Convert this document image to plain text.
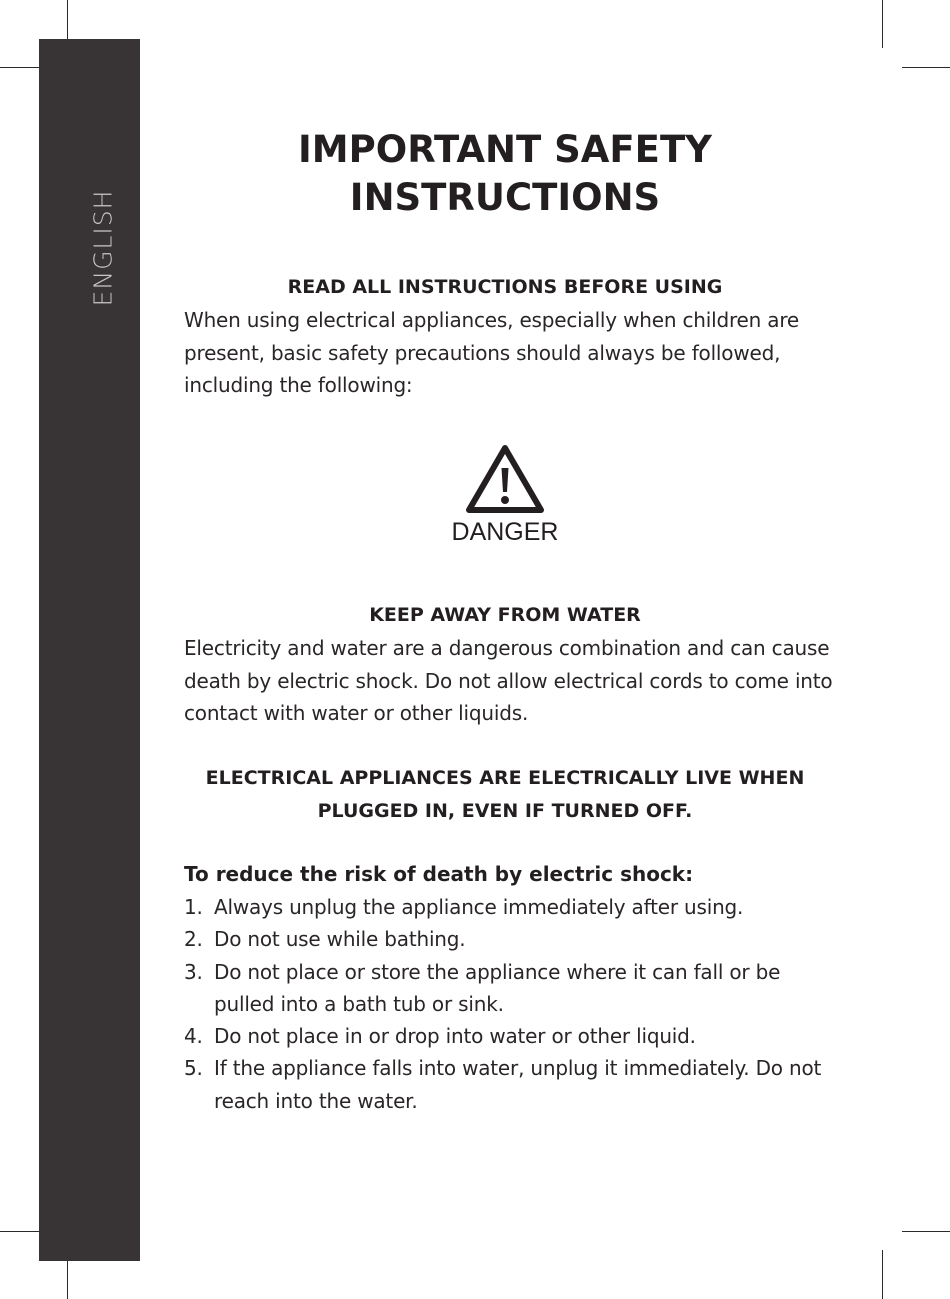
ENGLISH
IMPORTANT SAFETY
INSTRUCTIONS
READ ALL INSTRUCTIONS BEFORE USING

When using electrical appliances, especially when children are present, basic safety precautions should always be followed, including the following:

DANGER
KEEP AWAY FROM WATER

Electricity and water are a dangerous combination and can cause death by electric shock. Do not allow electrical cords to come into contact with water or other liquids.

ELECTRICAL APPLIANCES ARE ELECTRICALLY LIVE WHEN
PLUGGED IN, EVEN IF TURNED OFF.
To reduce the risk of death by electric shock:
1. Always unplug the appliance immediately after using.
2. Do not use while bathing.
3. Do not place or store the appliance where it can fall or be pulled into a bath tub or sink.
4. Do not place in or drop into water or other liquid.
5. If the appliance falls into water, unplug it immediately. Do not reach into the water.
